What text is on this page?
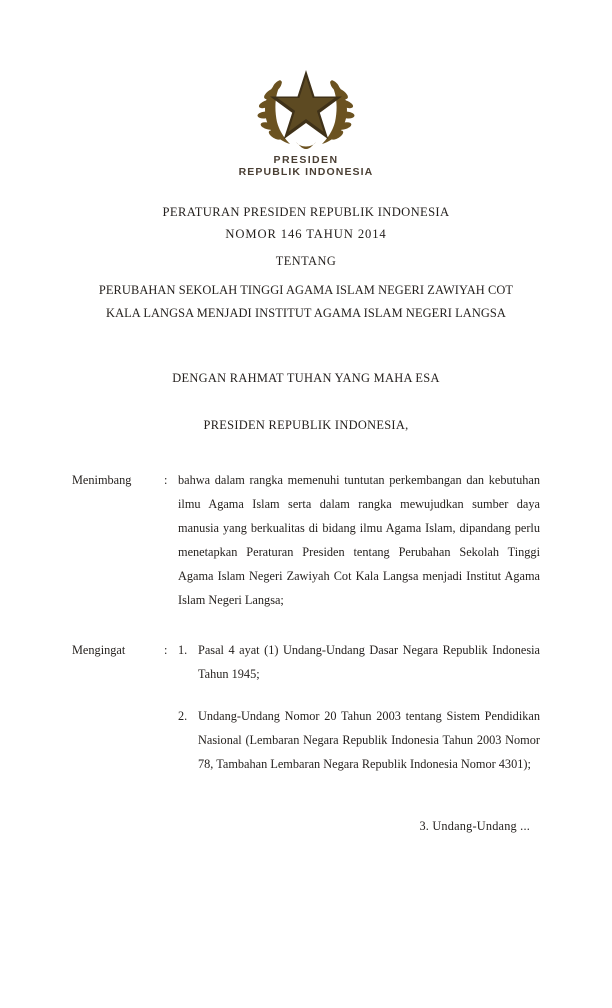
PRESIDEN
REPUBLIK INDONESIA
PERATURAN PRESIDEN REPUBLIK INDONESIA
NOMOR 146 TAHUN 2014
TENTANG
PERUBAHAN SEKOLAH TINGGI AGAMA ISLAM NEGERI ZAWIYAH COT
KALA LANGSA MENJADI INSTITUT AGAMA ISLAM NEGERI LANGSA
DENGAN RAHMAT TUHAN YANG MAHA ESA
PRESIDEN REPUBLIK INDONESIA,
Menimbang	: bahwa dalam rangka memenuhi tuntutan perkembangan dan kebutuhan ilmu Agama Islam serta dalam rangka mewujudkan sumber daya manusia yang berkualitas di bidang ilmu Agama Islam, dipandang perlu menetapkan Peraturan Presiden tentang Perubahan Sekolah Tinggi Agama Islam Negeri Zawiyah Cot Kala Langsa menjadi Institut Agama Islam Negeri Langsa;
Mengingat	: 1. Pasal 4 ayat (1) Undang-Undang Dasar Negara Republik Indonesia Tahun 1945;
2. Undang-Undang Nomor 20 Tahun 2003 tentang Sistem Pendidikan Nasional (Lembaran Negara Republik Indonesia Tahun 2003 Nomor 78, Tambahan Lembaran Negara Republik Indonesia Nomor 4301);
3. Undang-Undang ...
